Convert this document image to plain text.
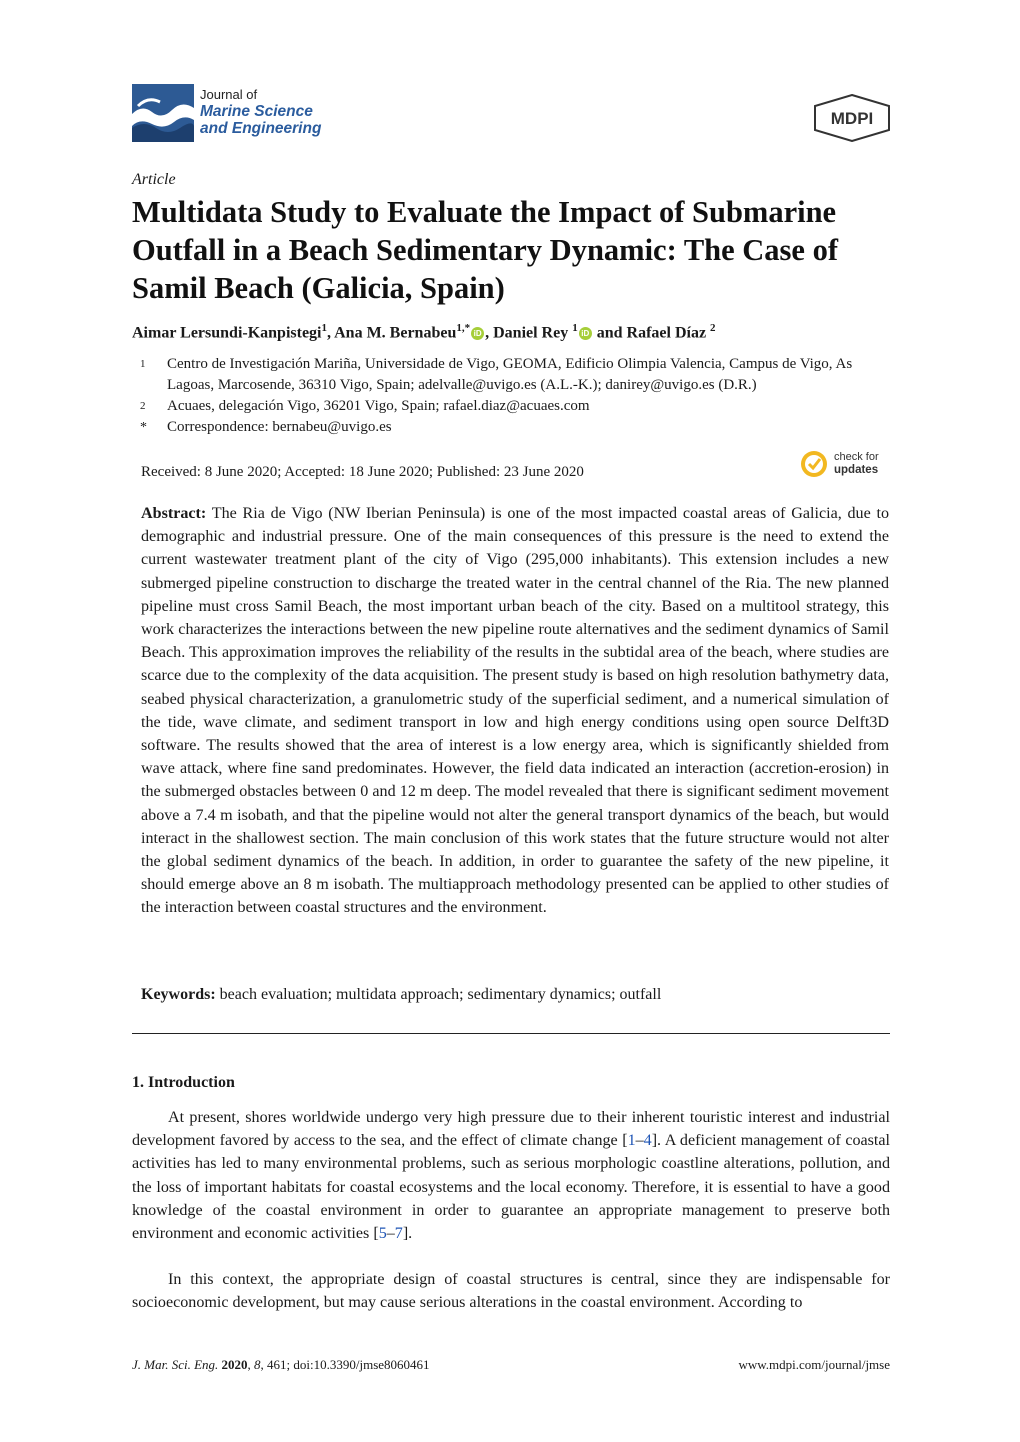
Journal of
Marine Science
and Engineering
MDPI
Article
Multidata Study to Evaluate the Impact of Submarine Outfall in a Beach Sedimentary Dynamic: The Case of Samil Beach (Galicia, Spain)
Aimar Lersundi-Kanpistegi$^1$, Ana M. Bernabeu$^{1,*}$ iD , Daniel Rey $^1$ iD and Rafael Díaz $^2$
1 Centro de Investigación Mariña, Universidade de Vigo, GEOMA, Edificio Olimpia Valencia, Campus de Vigo, As Lagoas, Marcosende, 36310 Vigo, Spain; adelvalle@uvigo.es (A.L.-K.); danirey@uvigo.es (D.R.)
2 Acuaes, delegación Vigo, 36201 Vigo, Spain; rafael.diaz@acuaes.com
* Correspondence: bernabeu@uvigo.es
Received: 8 June 2020; Accepted: 18 June 2020; Published: 23 June 2020
check for
updates
Abstract: The Ria de Vigo (NW Iberian Peninsula) is one of the most impacted coastal areas of Galicia, due to demographic and industrial pressure. One of the main consequences of this pressure is the need to extend the current wastewater treatment plant of the city of Vigo (295,000 inhabitants). This extension includes a new submerged pipeline construction to discharge the treated water in the central channel of the Ria. The new planned pipeline must cross Samil Beach, the most important urban beach of the city. Based on a multitool strategy, this work characterizes the interactions between the new pipeline route alternatives and the sediment dynamics of Samil Beach. This approximation improves the reliability of the results in the subtidal area of the beach, where studies are scarce due to the complexity of the data acquisition. The present study is based on high resolution bathymetry data, seabed physical characterization, a granulometric study of the superficial sediment, and a numerical simulation of the tide, wave climate, and sediment transport in low and high energy conditions using open source Delft3D software. The results showed that the area of interest is a low energy area, which is significantly shielded from wave attack, where fine sand predominates. However, the field data indicated an interaction (accretion-erosion) in the submerged obstacles between 0 and 12 m deep. The model revealed that there is significant sediment movement above a 7.4 m isobath, and that the pipeline would not alter the general transport dynamics of the beach, but would interact in the shallowest section. The main conclusion of this work states that the future structure would not alter the global sediment dynamics of the beach. In addition, in order to guarantee the safety of the new pipeline, it should emerge above an 8 m isobath. The multiapproach methodology presented can be applied to other studies of the interaction between coastal structures and the environment.
Keywords: beach evaluation; multidata approach; sedimentary dynamics; outfall
1. Introduction
At present, shores worldwide undergo very high pressure due to their inherent touristic interest and industrial development favored by access to the sea, and the effect of climate change [1–4]. A deficient management of coastal activities has led to many environmental problems, such as serious morphologic coastline alterations, pollution, and the loss of important habitats for coastal ecosystems and the local economy. Therefore, it is essential to have a good knowledge of the coastal environment in order to guarantee an appropriate management to preserve both environment and economic activities [5–7].
In this context, the appropriate design of coastal structures is central, since they are indispensable for socioeconomic development, but may cause serious alterations in the coastal environment. According to
J. Mar. Sci. Eng. 2020, 8, 461; doi:10.3390/jmse8060461	www.mdpi.com/journal/jmse
